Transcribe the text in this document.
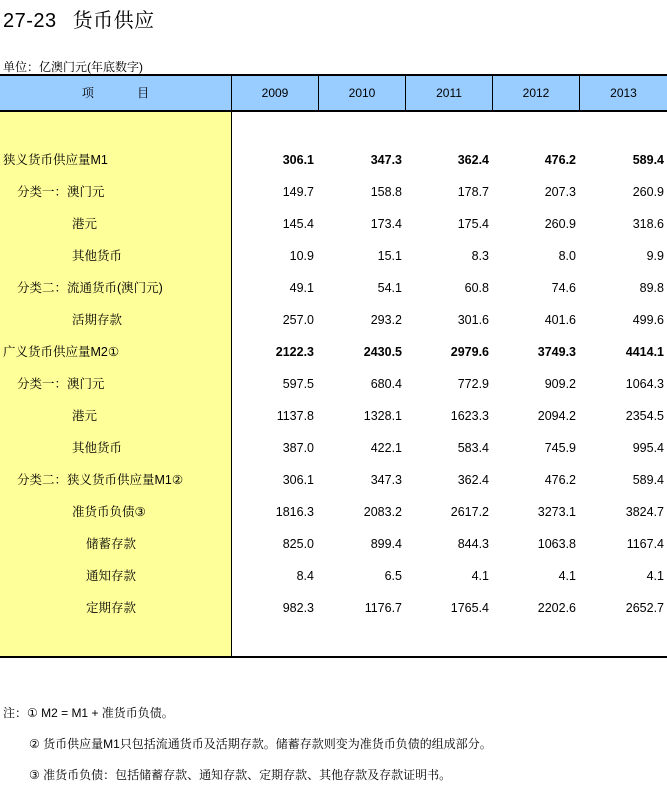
27-23 货币供应
单位：亿澳门元(年底数字)
项 目	2009	2010	2011	2012	2013
狭义货币供应量M1	306.1	347.3	362.4	476.2	589.4
分类一：澳门元	149.7	158.8	178.7	207.3	260.9
港元	145.4	173.4	175.4	260.9	318.6
其他货币	10.9	15.1	8.3	8.0	9.9
分类二：流通货币(澳门元)	49.1	54.1	60.8	74.6	89.8
活期存款	257.0	293.2	301.6	401.6	499.6
广义货币供应量M2①	2122.3	2430.5	2979.6	3749.3	4414.1
分类一：澳门元	597.5	680.4	772.9	909.2	1064.3
港元	1137.8	1328.1	1623.3	2094.2	2354.5
其他货币	387.0	422.1	583.4	745.9	995.4
分类二：狭义货币供应量M1②	306.1	347.3	362.4	476.2	589.4
准货币负债③	1816.3	2083.2	2617.2	3273.1	3824.7
储蓄存款	825.0	899.4	844.3	1063.8	1167.4
通知存款	8.4	6.5	4.1	4.1	4.1
定期存款	982.3	1176.7	1765.4	2202.6	2652.7
注：① M2 = M1 + 准货币负债。
② 货币供应量M1只包括流通货币及活期存款。储蓄存款则变为准货币负债的组成部分。
③ 准货币负债：包括储蓄存款、通知存款、定期存款、其他存款及存款证明书。
